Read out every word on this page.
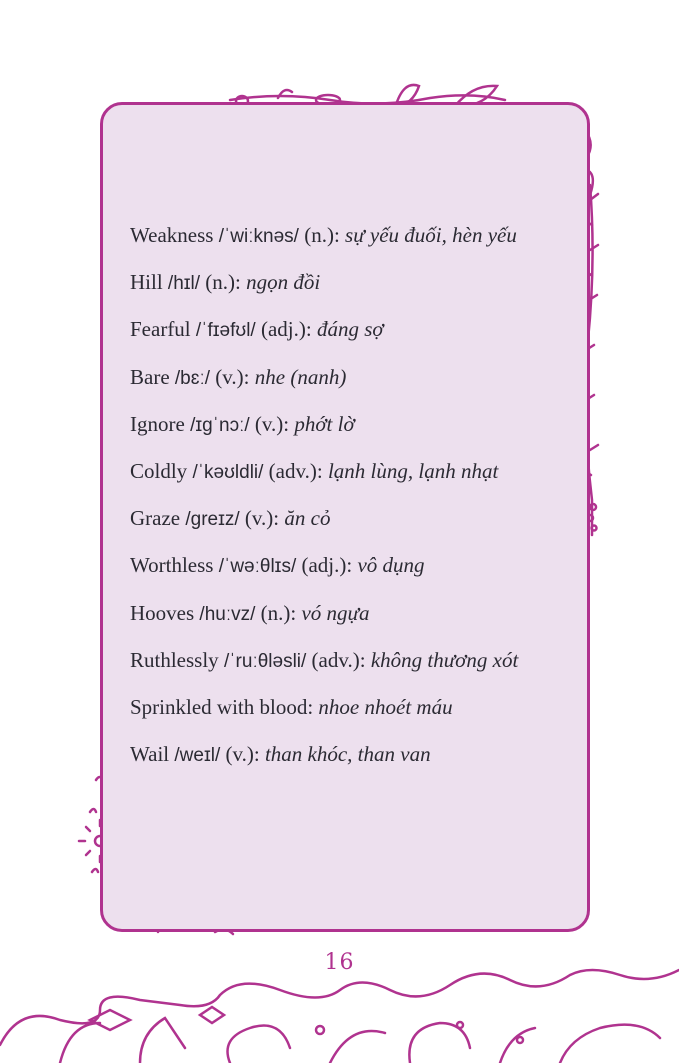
Weakness /ˈwiːknəs/ (n.): sự yếu đuối, hèn yếu
Hill /hɪl/ (n.): ngọn đồi
Fearful /ˈfɪəfʊl/ (adj.): đáng sợ
Bare /bɛː/ (v.): nhe (nanh)
Ignore /ɪɡˈnɔː/ (v.): phớt lờ
Coldly /ˈkəʊldli/ (adv.): lạnh lùng, lạnh nhạt
Graze /greɪz/ (v.): ăn cỏ
Worthless /ˈwəːθlɪs/ (adj.): vô dụng
Hooves /huːvz/ (n.): vó ngựa
Ruthlessly /ˈruːθləsli/ (adv.): không thương xót
Sprinkled with blood: nhoe nhoét máu
Wail /weɪl/ (v.): than khóc, than van
16
